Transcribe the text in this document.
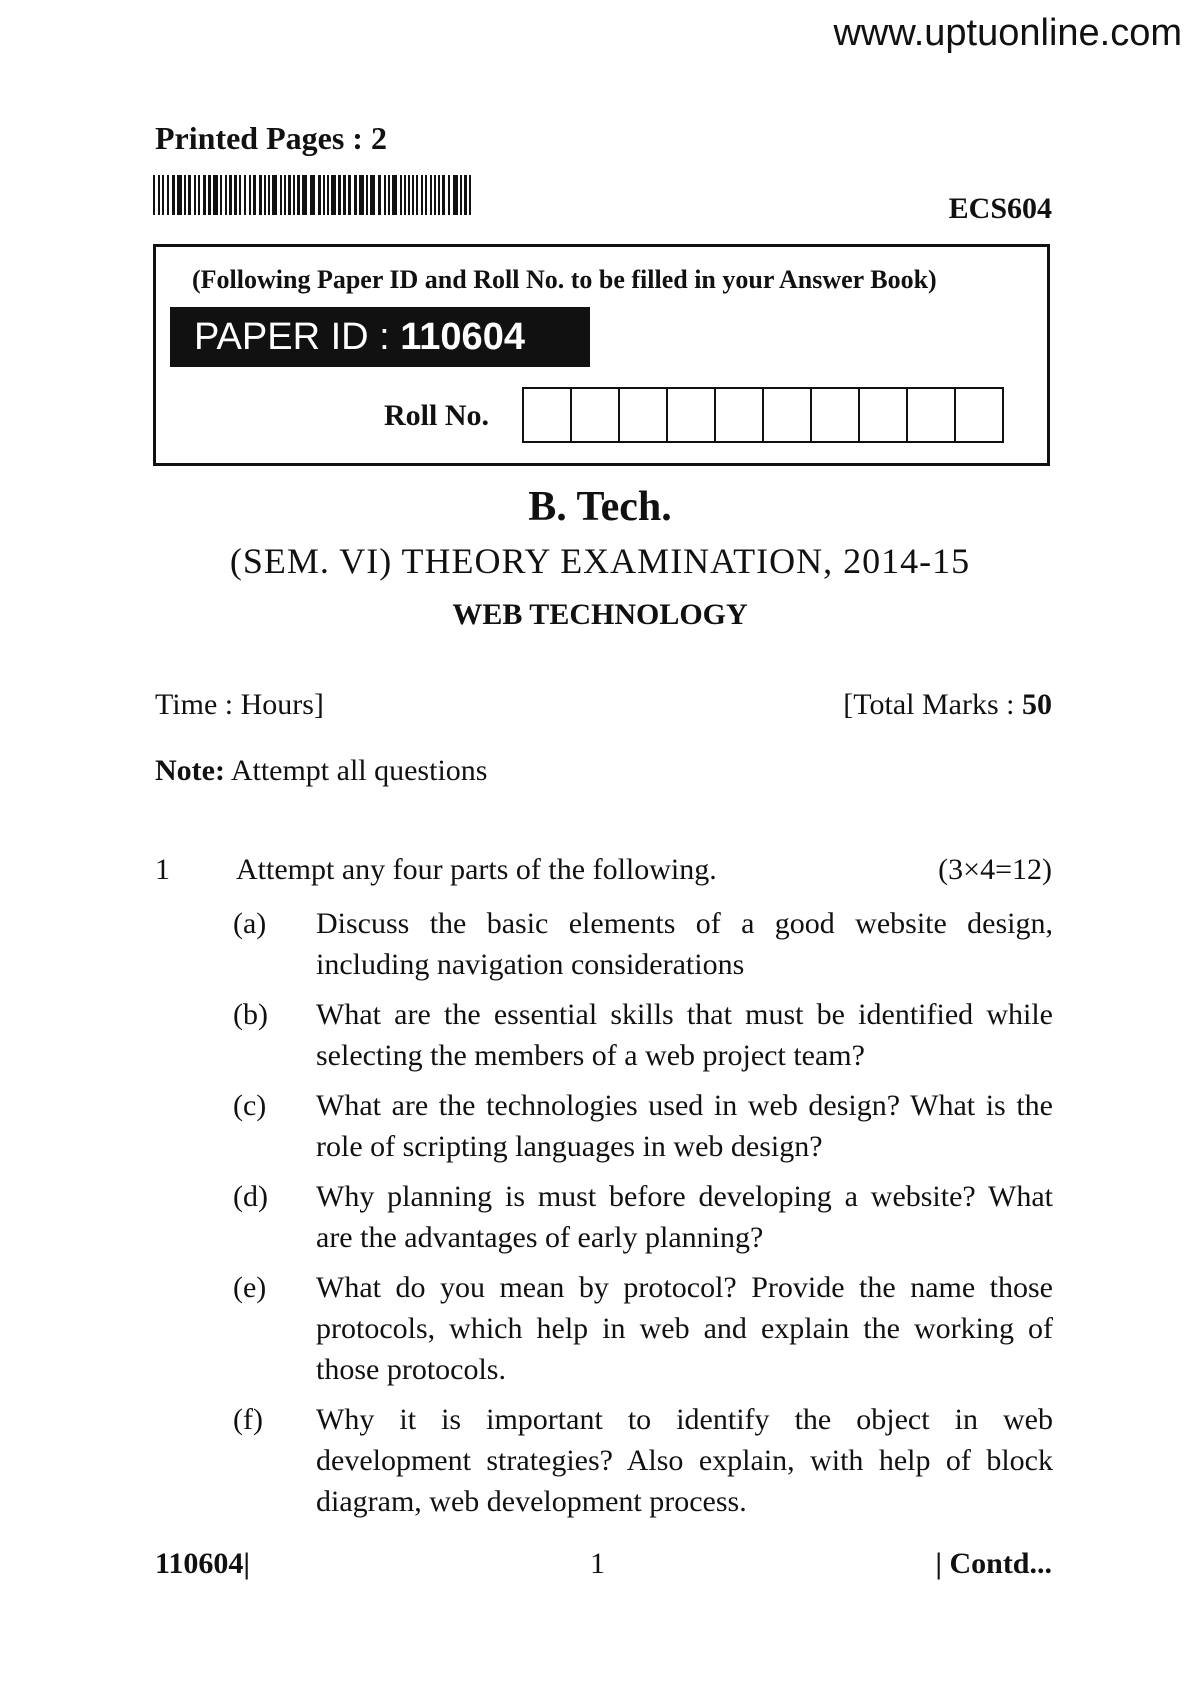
www.uptuonline.com
Printed Pages : 2
ECS604
(Following Paper ID and Roll No. to be filled in your Answer Book)
PAPER ID : 110604
Roll No.
B. Tech.
(SEM. VI) THEORY EXAMINATION, 2014-15
WEB TECHNOLOGY
Time : Hours]	[Total Marks : 50
Note: Attempt all questions
1 Attempt any four parts of the following.	(3×4=12)
(a) Discuss the basic elements of a good website design, including navigation considerations
(b) What are the essential skills that must be identified while selecting the members of a web project team?
(c) What are the technologies used in web design? What is the role of scripting languages in web design?
(d) Why planning is must before developing a website? What are the advantages of early planning?
(e) What do you mean by protocol? Provide the name those protocols, which help in web and explain the working of those protocols.
(f) Why it is important to identify the object in web development strategies? Also explain, with help of block diagram, web development process.
110604|	1	| Contd...
